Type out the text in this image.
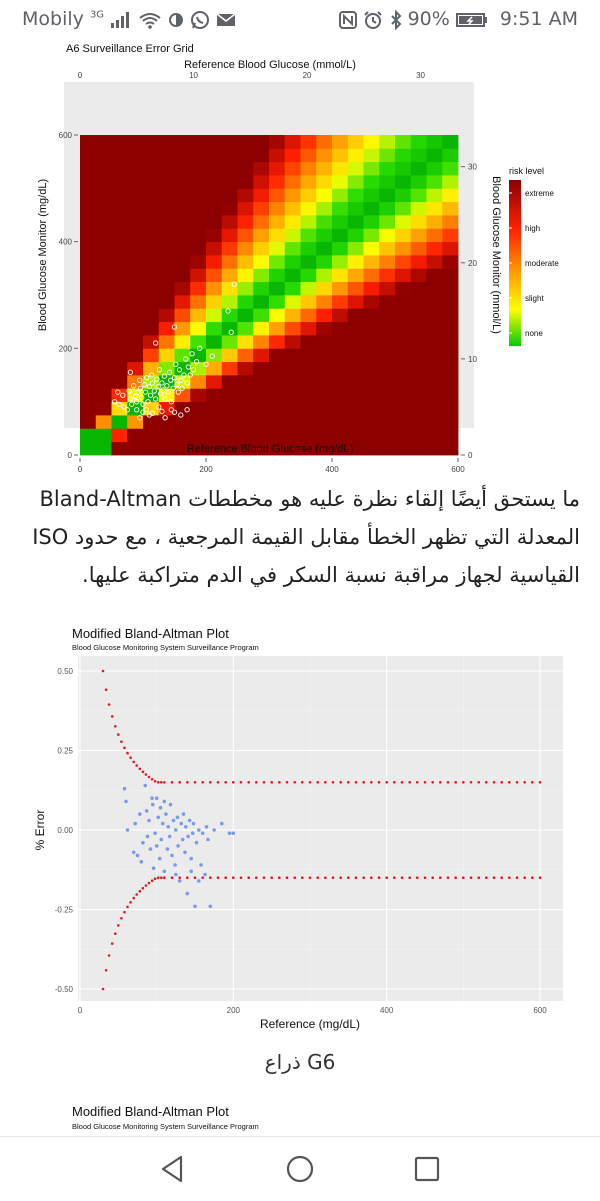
Mobily $^{3G}$	90%	9:51 AM
A6 Surveillance Error Grid
Reference Blood Glucose (mmol/L)
0	10	20	30
0	200	400	600
0
200
400
600
0
10
20
30
Reference Blood Glucose (mg/dL)
Blood Glucose Monitor (mg/dL)	Blood Glucose Monitor (mmol/L)
risk level
extreme
high
moderate
slight
none
ما يستحق أيضًا إلقاء نظرة عليه هو مخططات Bland-Altman المعدلة التي تظهر الخطأ مقابل القيمة المرجعية ، مع حدود ISO القياسية لجهاز مراقبة نسبة السكر في الدم متراكبة عليها.
Modified Bland-Altman Plot
Blood Glucose Monitoring System Surveillance Program
0	200	400	600
0.50
0.25
0.00
-0.25
-0.50
Reference (mg/dL)
% Error
G6 ذراع
Modified Bland-Altman Plot
Blood Glucose Monitoring System Surveillance Program
